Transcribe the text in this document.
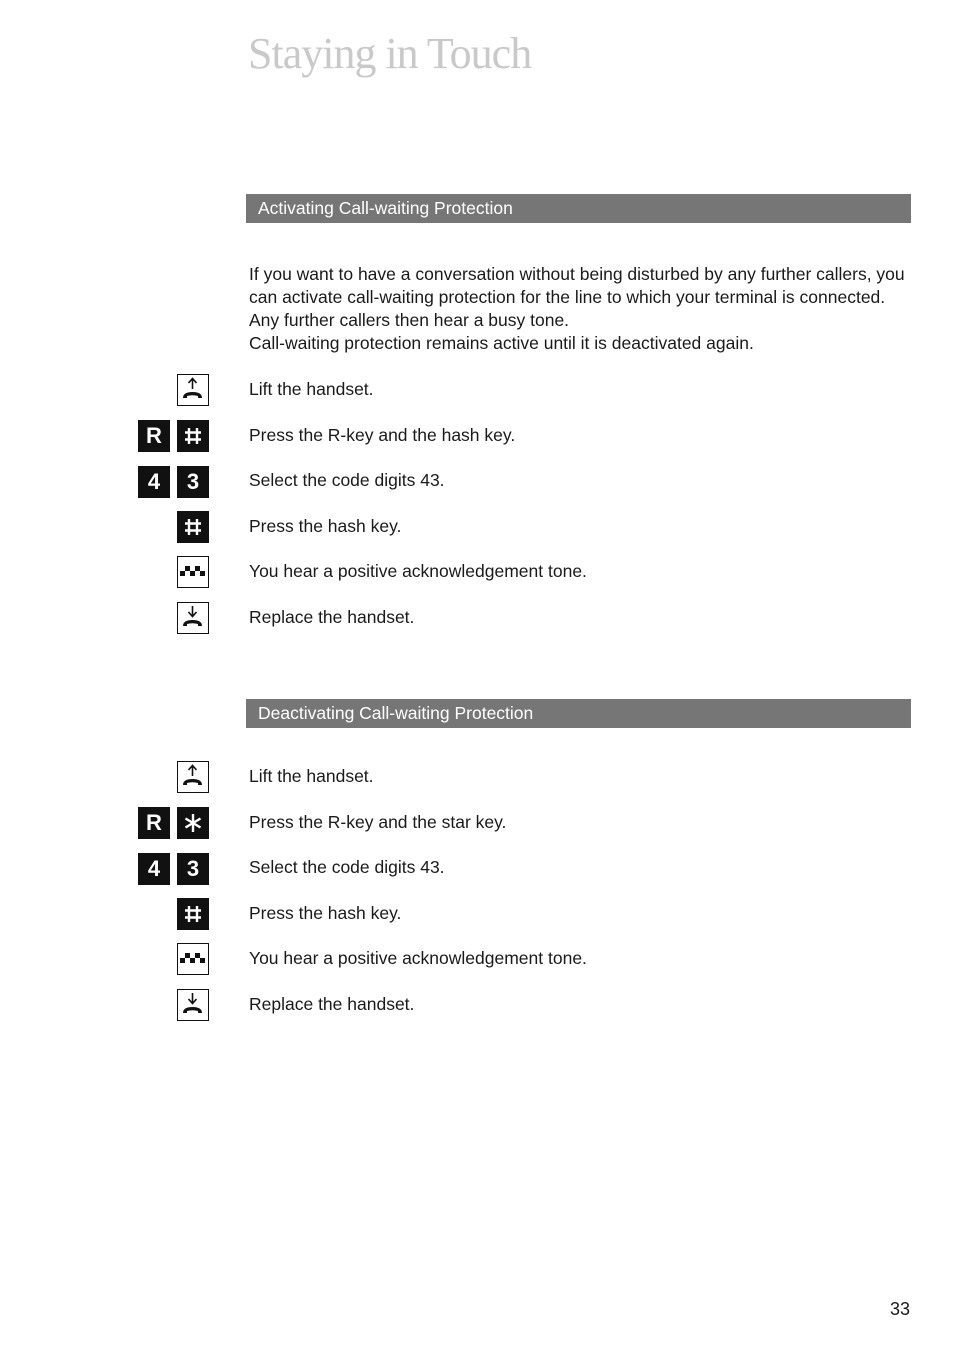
Staying in Touch
Activating Call-waiting Protection

If you want to have a conversation without being disturbed by any further callers, you can activate call-waiting protection for the line to which your terminal is connected.

Any further callers then hear a busy tone.

Call-waiting protection remains active until it is deactivated again.

Lift the handset.
R	Press the R-key and the hash key.
4	3	Select the code digits 43.
Press the hash key.
You hear a positive acknowledgement tone.
Replace the handset.
Deactivating Call-waiting Protection
Lift the handset.
R	Press the R-key and the star key.
4	3	Select the code digits 43.
Press the hash key.
You hear a positive acknowledgement tone.
Replace the handset.
33
